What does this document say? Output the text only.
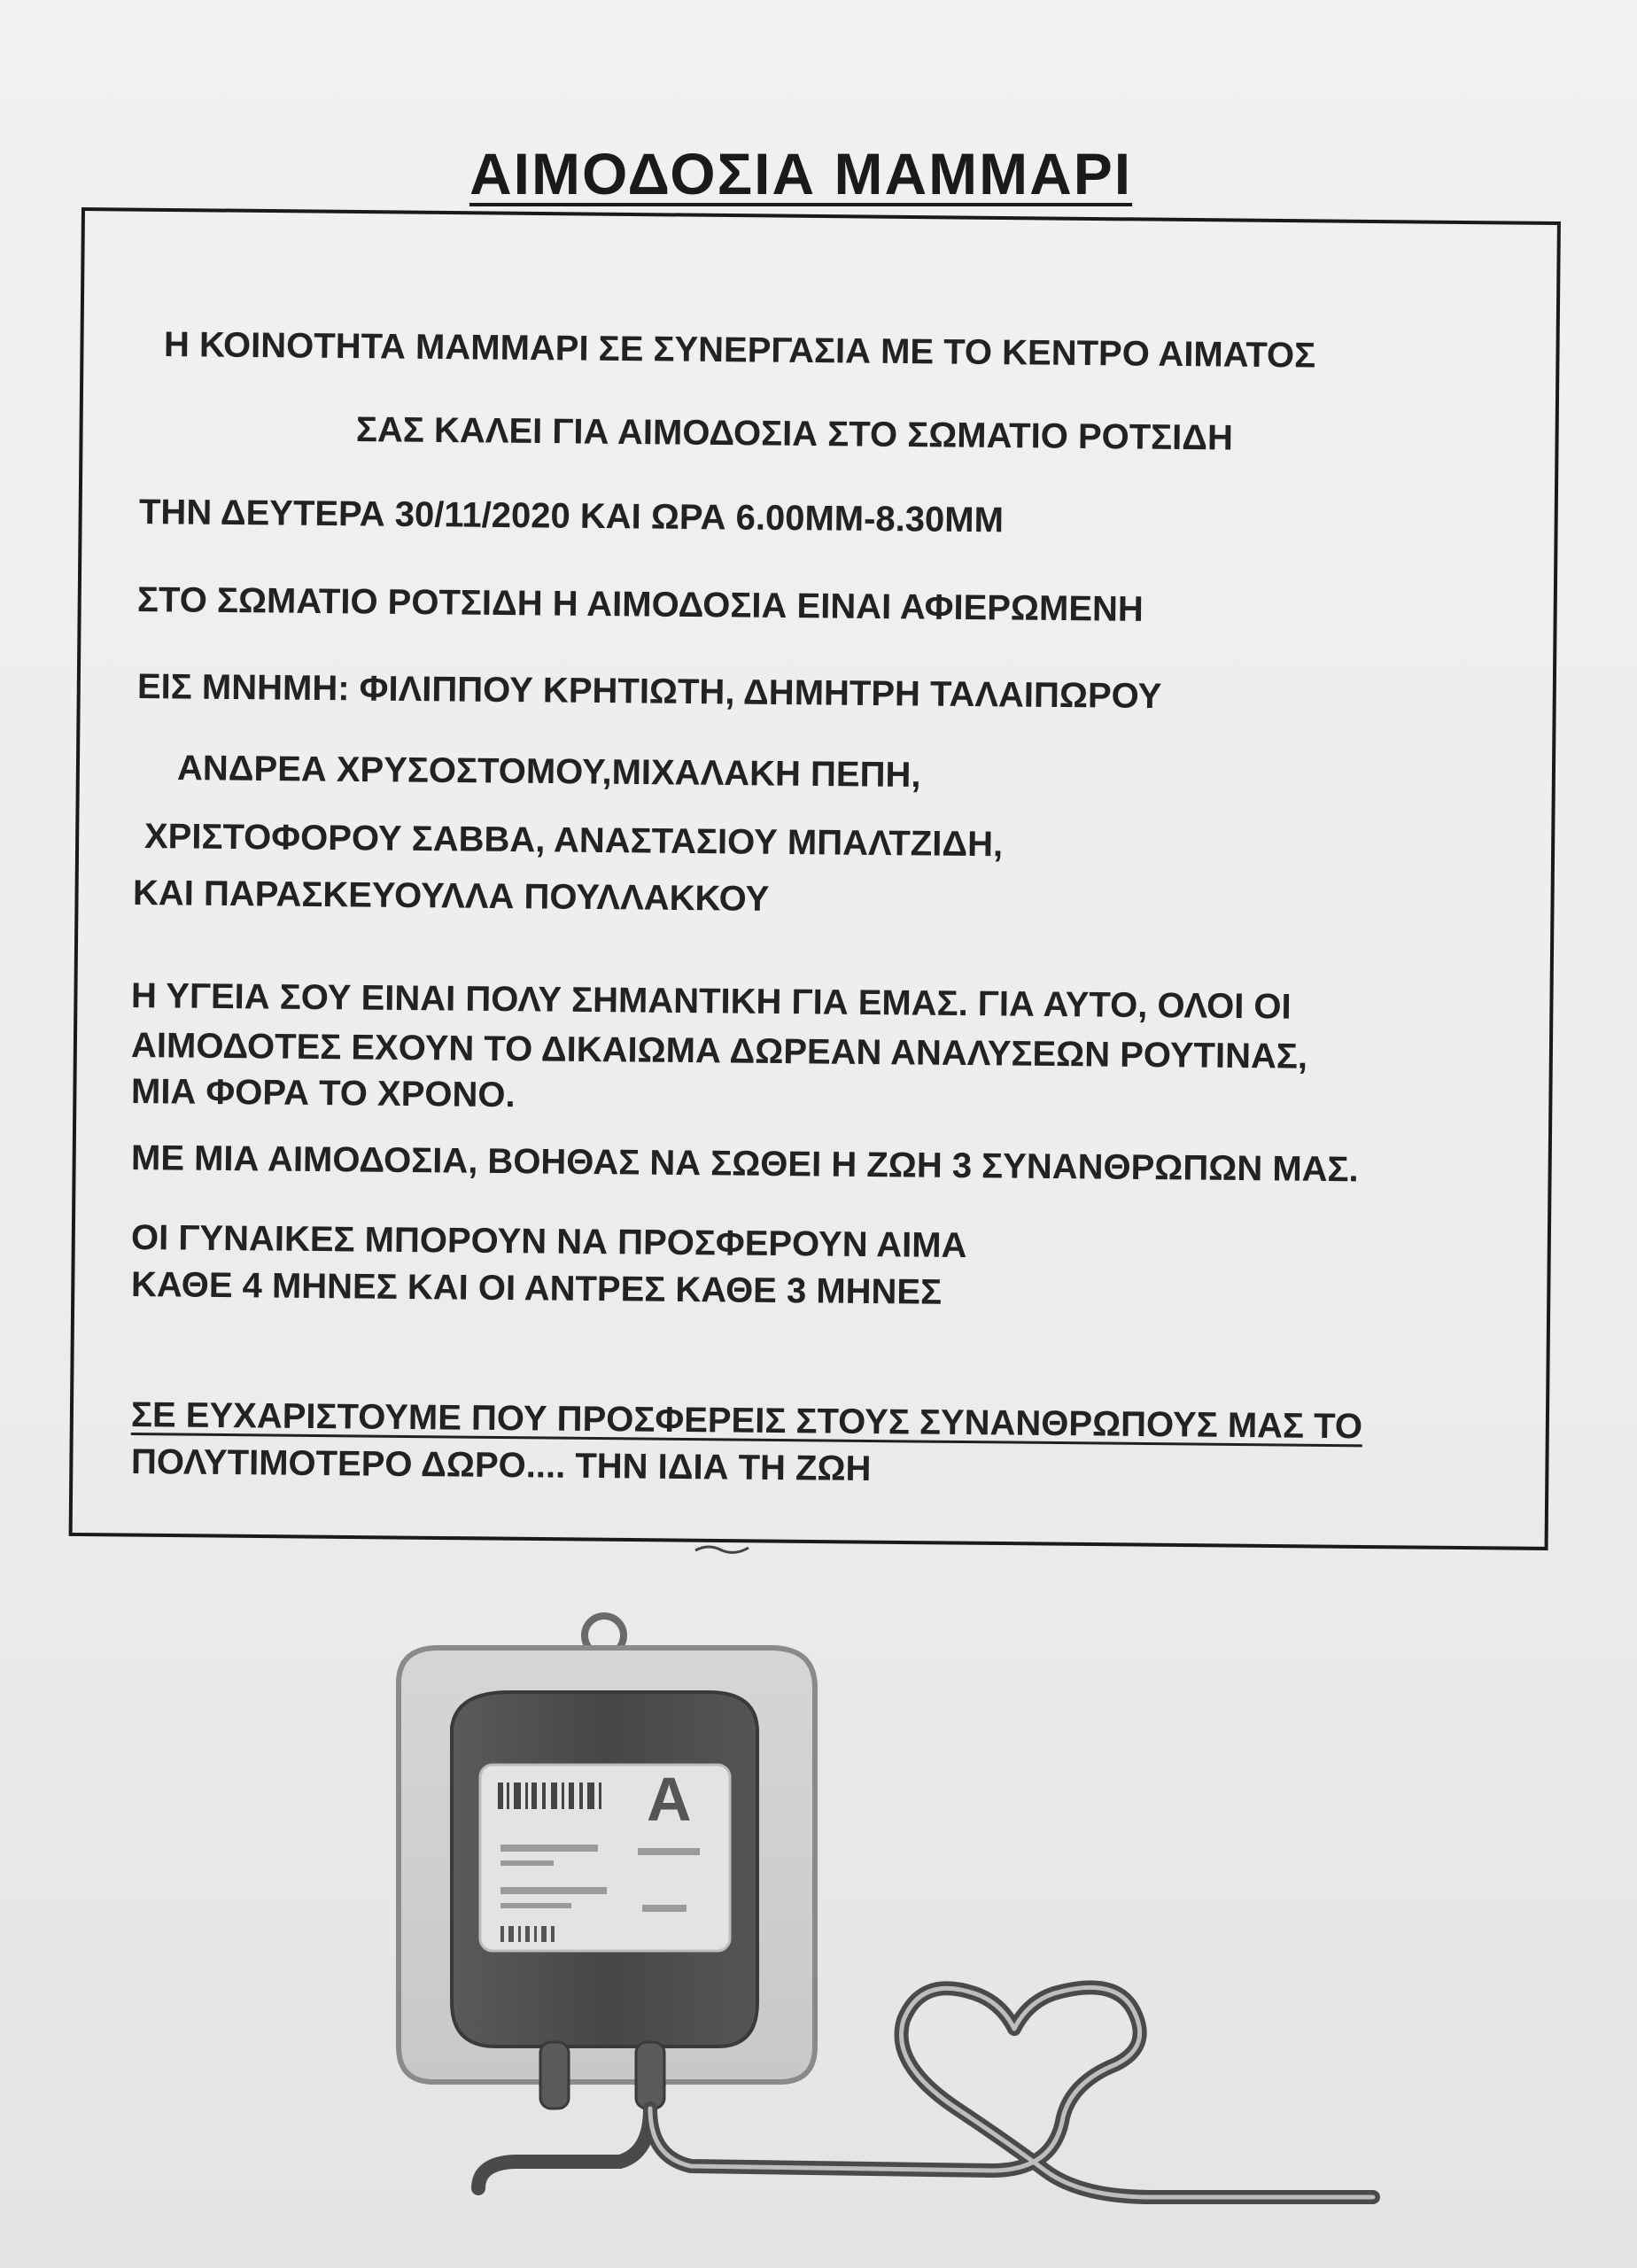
ΑΙΜΟΔΟΣΙΑ ΜΑΜΜΑΡΙ
Η ΚΟΙΝΟΤΗΤΑ ΜΑΜΜΑΡΙ ΣΕ ΣΥΝΕΡΓΑΣΙΑ ΜΕ ΤΟ ΚΕΝΤΡΟ ΑΙΜΑΤΟΣ
ΣΑΣ ΚΑΛΕΙ ΓΙΑ ΑΙΜΟΔΟΣΙΑ ΣΤΟ ΣΩΜΑΤΙΟ ΡΟΤΣΙΔΗ
ΤΗΝ ΔΕΥΤΕΡΑ 30/11/2020 ΚΑΙ ΩΡΑ 6.00ΜΜ-8.30ΜΜ
ΣΤΟ ΣΩΜΑΤΙΟ ΡΟΤΣΙΔΗ Η ΑΙΜΟΔΟΣΙΑ ΕΙΝΑΙ ΑΦΙΕΡΩΜΕΝΗ
ΕΙΣ ΜΝΗΜΗ: ΦΙΛΙΠΠΟΥ ΚΡΗΤΙΩΤΗ, ΔΗΜΗΤΡΗ ΤΑΛΑΙΠΩΡΟΥ
ΑΝΔΡΕΑ ΧΡΥΣΟΣΤΟΜΟΥ,ΜΙΧΑΛΑΚΗ ΠΕΠΗ,
ΧΡΙΣΤΟΦΟΡΟΥ ΣΑΒΒΑ, ΑΝΑΣΤΑΣΙΟΥ ΜΠΑΛΤΖΙΔΗ,
ΚΑΙ ΠΑΡΑΣΚΕΥΟΥΛΛΑ ΠΟΥΛΛΑΚΚΟΥ
Η ΥΓΕΙΑ ΣΟΥ ΕΙΝΑΙ ΠΟΛΥ ΣΗΜΑΝΤΙΚΗ ΓΙΑ ΕΜΑΣ. ΓΙΑ ΑΥΤΟ, ΟΛΟΙ ΟΙ
ΑΙΜΟΔΟΤΕΣ ΕΧΟΥΝ ΤΟ ΔΙΚΑΙΩΜΑ ΔΩΡΕΑΝ ΑΝΑΛΥΣΕΩΝ ΡΟΥΤΙΝΑΣ,
ΜΙΑ ΦΟΡΑ ΤΟ ΧΡΟΝΟ.
ΜΕ ΜΙΑ ΑΙΜΟΔΟΣΙΑ, ΒΟΗΘΑΣ ΝΑ ΣΩΘΕΙ Η ΖΩΗ 3 ΣΥΝΑΝΘΡΩΠΩΝ ΜΑΣ.
ΟΙ ΓΥΝΑΙΚΕΣ ΜΠΟΡΟΥΝ ΝΑ ΠΡΟΣΦΕΡΟΥΝ ΑΙΜΑ
ΚΑΘΕ 4 ΜΗΝΕΣ ΚΑΙ ΟΙ ΑΝΤΡΕΣ ΚΑΘΕ 3 ΜΗΝΕΣ
ΣΕ ΕΥΧΑΡΙΣΤΟΥΜΕ ΠΟΥ ΠΡΟΣΦΕΡΕΙΣ ΣΤΟΥΣ ΣΥΝΑΝΘΡΩΠΟΥΣ ΜΑΣ ΤΟ
ΠΟΛΥΤΙΜΟΤΕΡΟ ΔΩΡΟ.... ΤΗΝ ΙΔΙΑ ΤΗ ΖΩΗ
A
